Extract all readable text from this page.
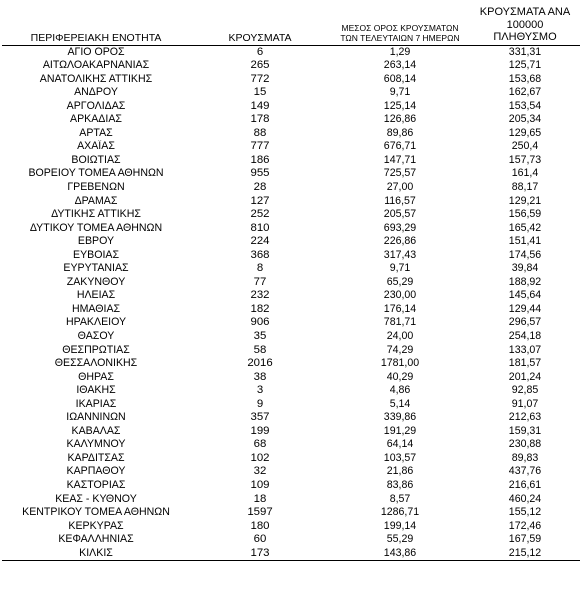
ΠΕΡΙΦΕΡΕΙΑΚΗ ΕΝΟΤΗΤΑ	ΚΡΟΥΣΜΑΤΑ	ΜΕΣΟΣ ΟΡΟΣ ΚΡΟΥΣΜΑΤΩΝ
ΤΩΝ ΤΕΛΕΥΤΑΙΩΝ 7 ΗΜΕΡΩΝ	ΚΡΟΥΣΜΑΤΑ ΑΝΑ 100000
ΠΛΗΘΥΣΜΟ
ΑΓΙΟ ΟΡΟΣ	6	1,29	331,31
ΑΙΤΩΛΟΑΚΑΡΝΑΝΙΑΣ	265	263,14	125,71
ΑΝΑΤΟΛΙΚΗΣ ΑΤΤΙΚΗΣ	772	608,14	153,68
ΑΝΔΡΟΥ	15	9,71	162,67
ΑΡΓΟΛΙΔΑΣ	149	125,14	153,54
ΑΡΚΑΔΙΑΣ	178	126,86	205,34
ΑΡΤΑΣ	88	89,86	129,65
ΑΧΑΪΑΣ	777	676,71	250,4
ΒΟΙΩΤΙΑΣ	186	147,71	157,73
ΒΟΡΕΙΟΥ ΤΟΜΕΑ ΑΘΗΝΩΝ	955	725,57	161,4
ΓΡΕΒΕΝΩΝ	28	27,00	88,17
ΔΡΑΜΑΣ	127	116,57	129,21
ΔΥΤΙΚΗΣ ΑΤΤΙΚΗΣ	252	205,57	156,59
ΔΥΤΙΚΟΥ ΤΟΜΕΑ ΑΘΗΝΩΝ	810	693,29	165,42
ΕΒΡΟΥ	224	226,86	151,41
ΕΥΒΟΙΑΣ	368	317,43	174,56
ΕΥΡΥΤΑΝΙΑΣ	8	9,71	39,84
ΖΑΚΥΝΘΟΥ	77	65,29	188,92
ΗΛΕΙΑΣ	232	230,00	145,64
ΗΜΑΘΙΑΣ	182	176,14	129,44
ΗΡΑΚΛΕΙΟΥ	906	781,71	296,57
ΘΑΣΟΥ	35	24,00	254,18
ΘΕΣΠΡΩΤΙΑΣ	58	74,29	133,07
ΘΕΣΣΑΛΟΝΙΚΗΣ	2016	1781,00	181,57
ΘΗΡΑΣ	38	40,29	201,24
ΙΘΑΚΗΣ	3	4,86	92,85
ΙΚΑΡΙΑΣ	9	5,14	91,07
ΙΩΑΝΝΙΝΩΝ	357	339,86	212,63
ΚΑΒΑΛΑΣ	199	191,29	159,31
ΚΑΛΥΜΝΟΥ	68	64,14	230,88
ΚΑΡΔΙΤΣΑΣ	102	103,57	89,83
ΚΑΡΠΑΘΟΥ	32	21,86	437,76
ΚΑΣΤΟΡΙΑΣ	109	83,86	216,61
ΚΕΑΣ - ΚΥΘΝΟΥ	18	8,57	460,24
ΚΕΝΤΡΙΚΟΥ ΤΟΜΕΑ ΑΘΗΝΩΝ	1597	1286,71	155,12
ΚΕΡΚΥΡΑΣ	180	199,14	172,46
ΚΕΦΑΛΛΗΝΙΑΣ	60	55,29	167,59
ΚΙΛΚΙΣ	173	143,86	215,12
